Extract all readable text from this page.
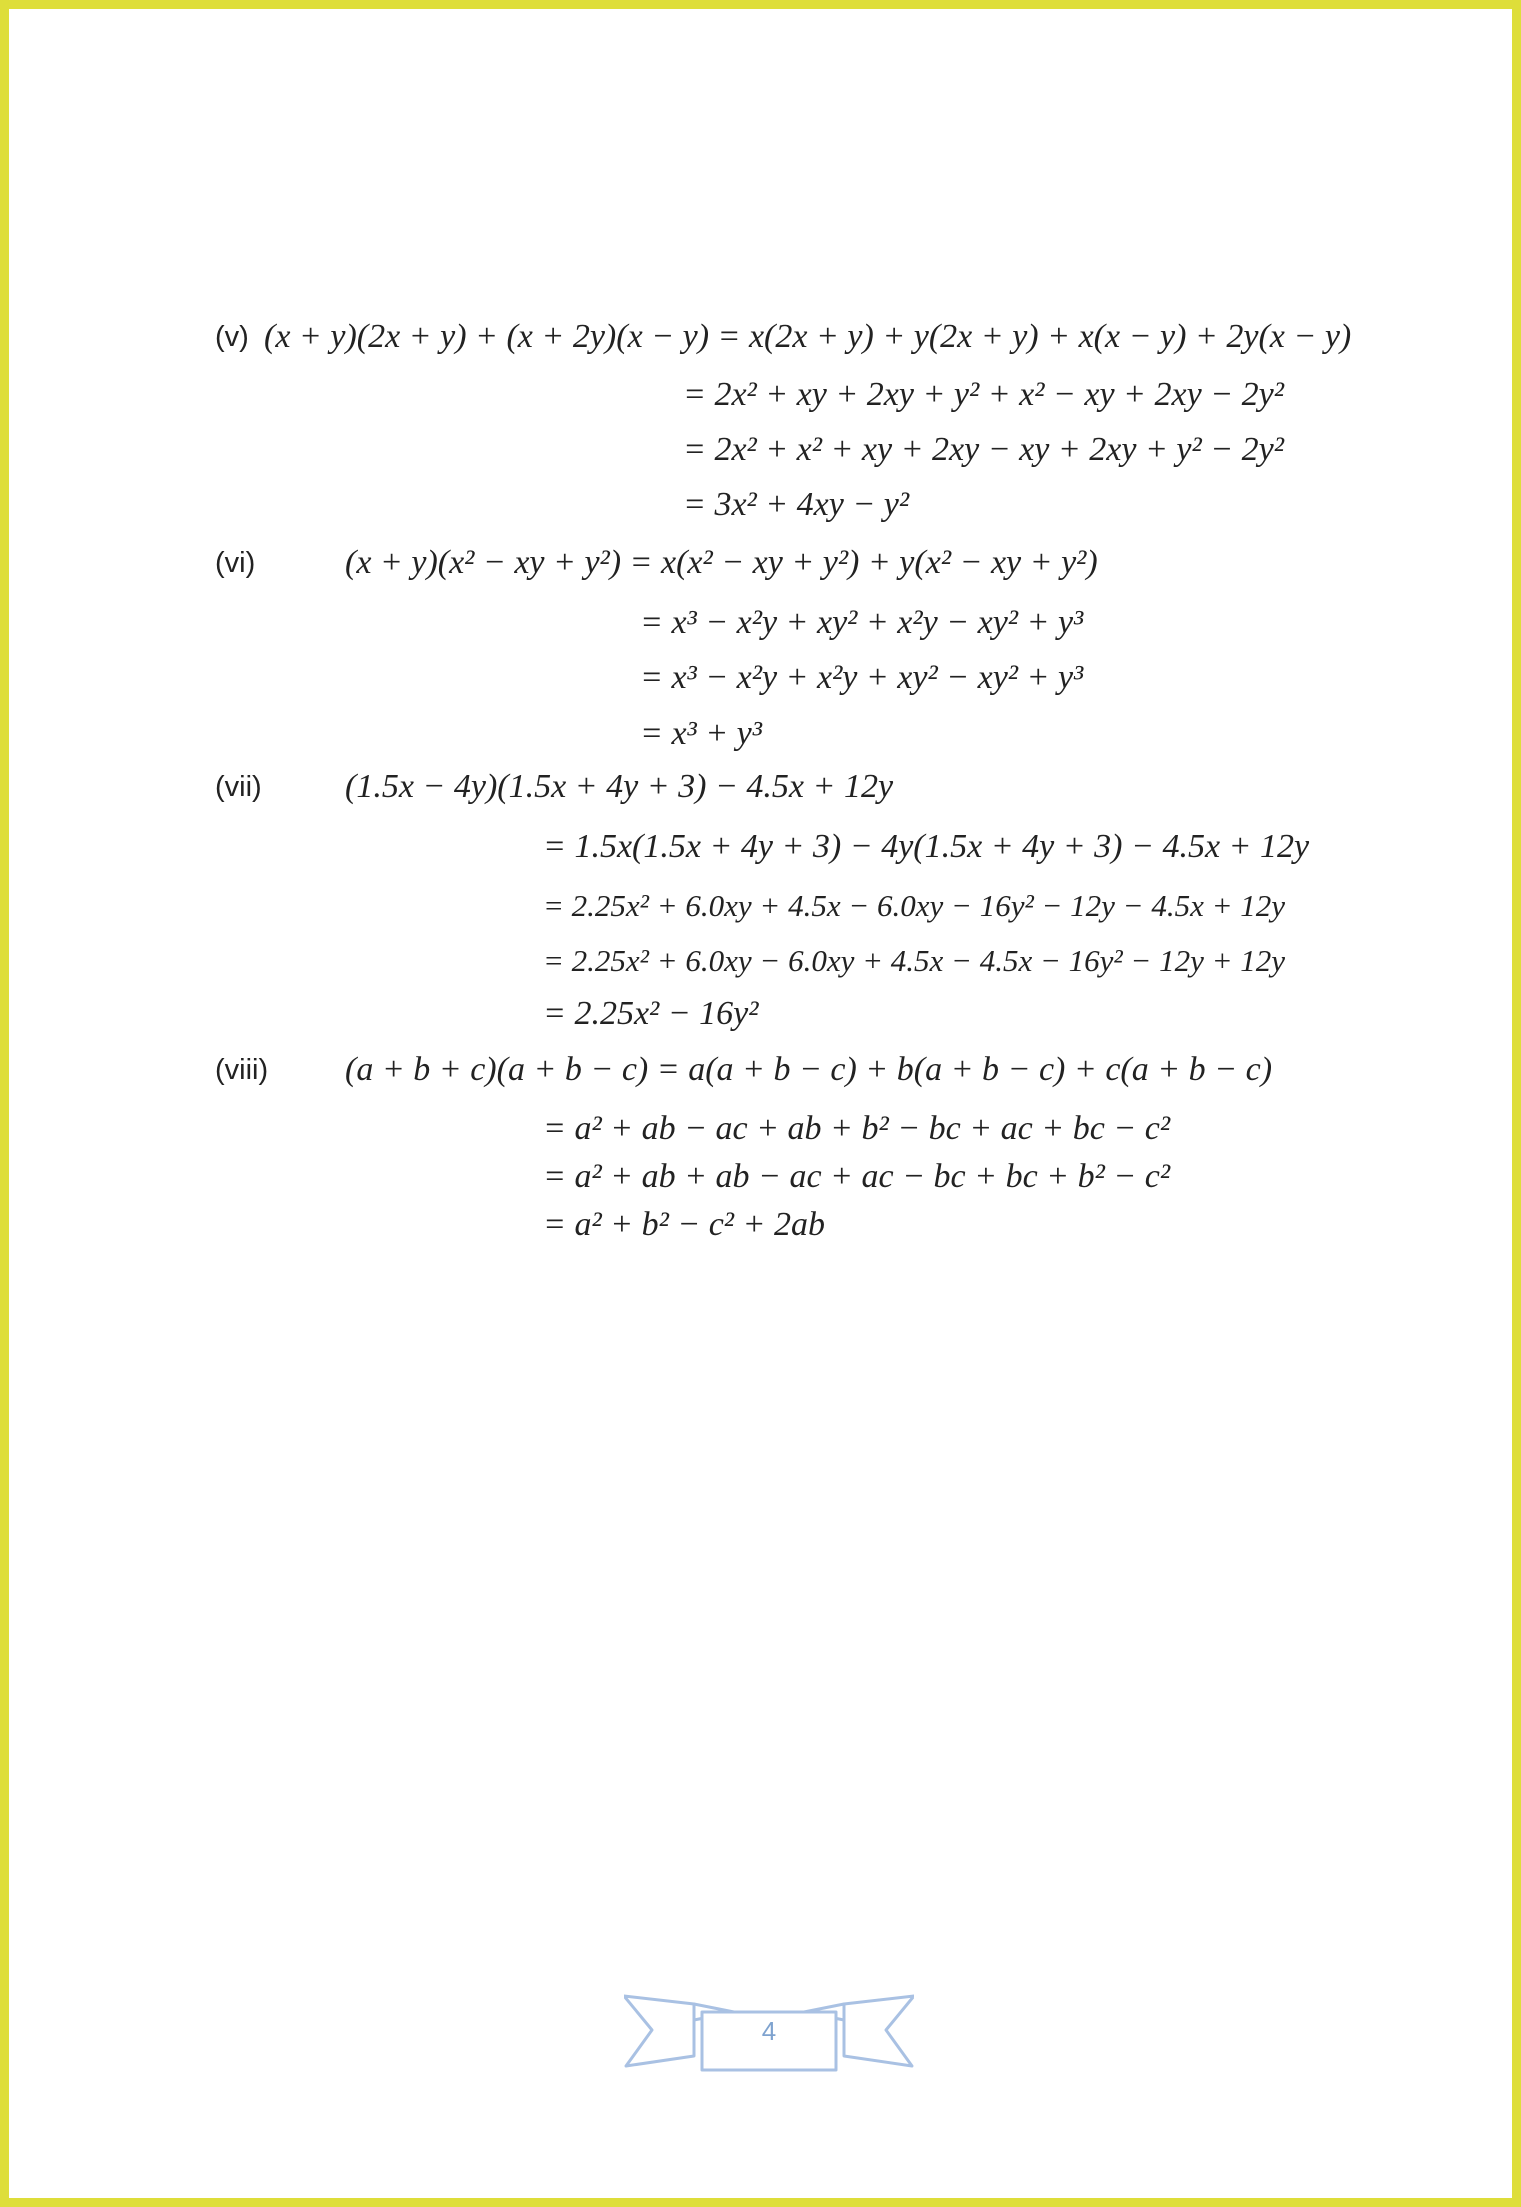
(v) (x + y)(2x + y) + (x + 2y)(x − y) = x(2x + y) + y(2x + y) + x(x − y) + 2y(x − y)
= 2x² + xy + 2xy + y² + x² − xy + 2xy − 2y²
= 2x² + x² + xy + 2xy − xy + 2xy + y² − 2y²
= 3x² + 4xy − y²
(vi)	(x + y)(x² − xy + y²) = x(x² − xy + y²) + y(x² − xy + y²)
= x³ − x²y + xy² + x²y − xy² + y³
= x³ − x²y + x²y + xy² − xy² + y³
= x³ + y³
(vii) (1.5x − 4y)(1.5x + 4y + 3) − 4.5x + 12y
= 1.5x(1.5x + 4y + 3) − 4y(1.5x + 4y + 3) − 4.5x + 12y
= 2.25x² + 6.0xy + 4.5x − 6.0xy − 16y² − 12y − 4.5x + 12y
= 2.25x² + 6.0xy − 6.0xy + 4.5x − 4.5x − 16y² − 12y + 12y
= 2.25x² − 16y²
(viii) (a + b + c)(a + b − c) = a(a + b − c) + b(a + b − c) + c(a + b − c)
= a² + ab − ac + ab + b² − bc + ac + bc − c²
= a² + ab + ab − ac + ac − bc + bc + b² − c²
= a² + b² − c² + 2ab
4
